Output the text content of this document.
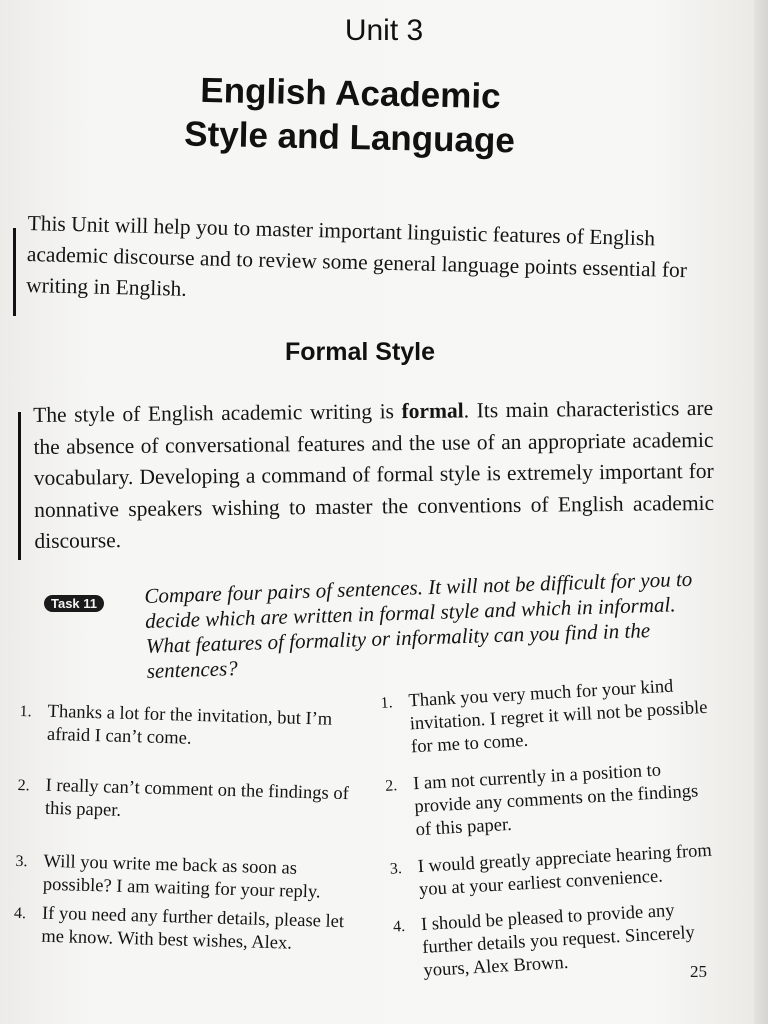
Unit 3
English Academic
Style and Language
This Unit will help you to master important linguistic features of English academic discourse and to review some general language points essential for writing in English.
Formal Style
The style of English academic writing is formal. Its main characteristics are the absence of conversational features and the use of an appropriate academic vocabulary. Developing a command of formal style is extremely important for nonnative speakers wishing to master the conventions of English academic discourse.
Task 11	Compare four pairs of sentences. It will not be difficult for you to decide which are written in formal style and which in informal. What features of formality or informality can you find in the sentences?
1. Thanks a lot for the invitation, but I’m afraid I can’t come.
2. I really can’t comment on the findings of this paper.
3. Will you write me back as soon as possible? I am waiting for your reply.
4. If you need any further details, please let me know. With best wishes, Alex.
1. Thank you very much for your kind invitation. I regret it will not be possible for me to come.
2. I am not currently in a position to provide any comments on the findings of this paper.
3. I would greatly appreciate hearing from you at your earliest convenience.
4. I should be pleased to provide any further details you request. Sincerely yours, Alex Brown.	25
